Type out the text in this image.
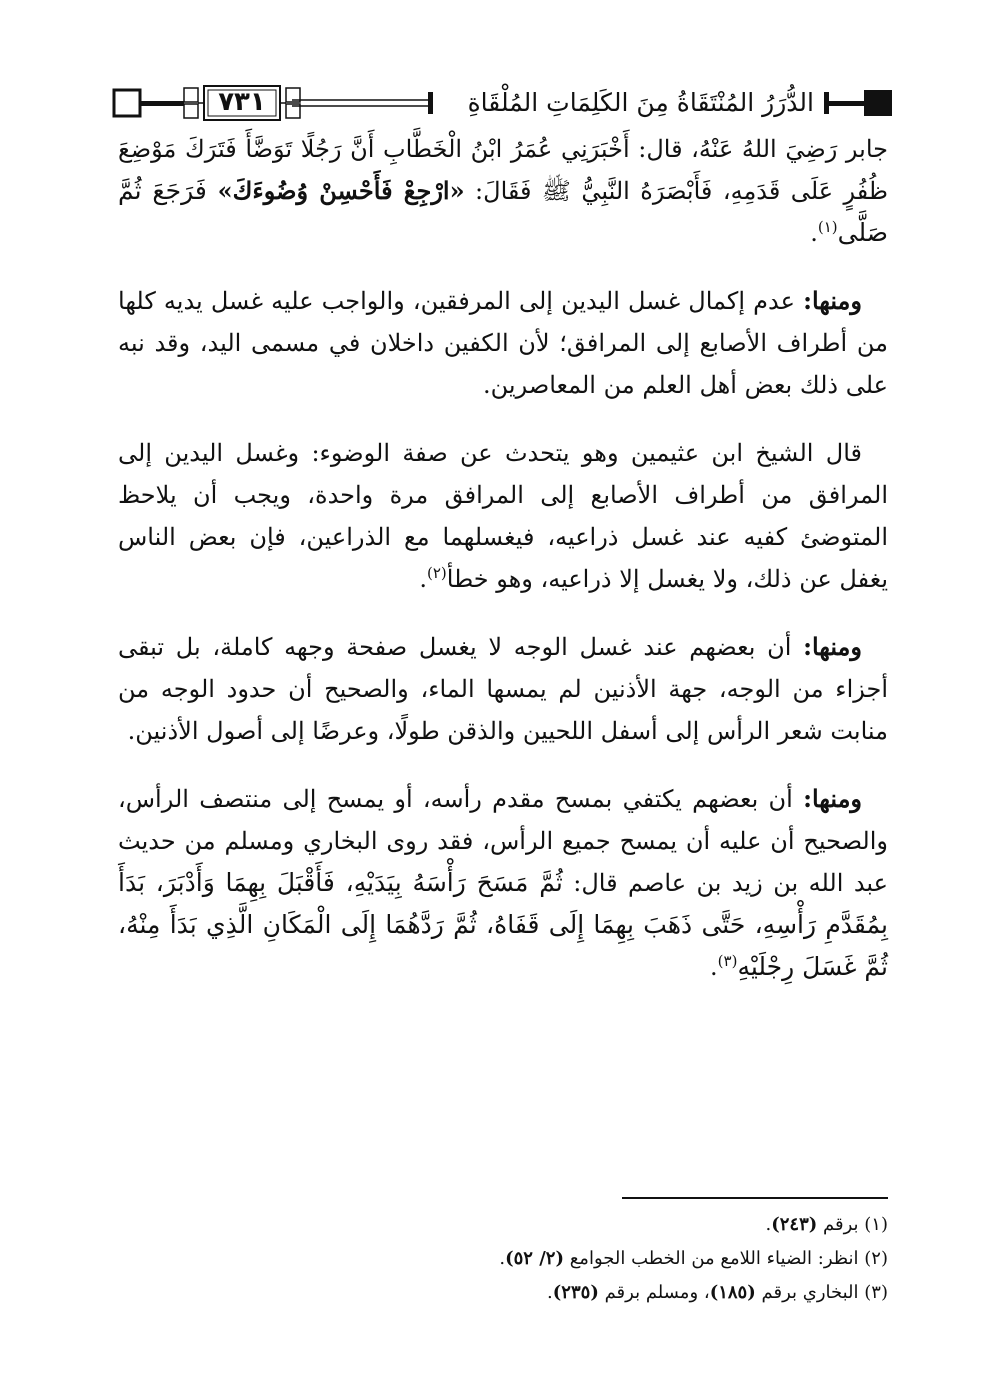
٧٣١	الدُّرَرُ المُنْتَقَاةُ مِنَ الكَلِمَاتِ المُلْقَاةِ

جابر رَضِيَ اللهُ عَنْهُ، قال: أَخْبَرَنِي عُمَرُ ابْنُ الْخَطَّابِ أَنَّ رَجُلًا تَوَضَّأَ فَتَرَكَ مَوْضِعَ ظُفُرٍ عَلَى قَدَمِهِ، فَأَبْصَرَهُ النَّبِيُّ ﷺ فَقَالَ: «ارْجِعْ فَأَحْسِنْ وُضُوءَكَ» فَرَجَعَ ثُمَّ صَلَّى$^{(١)}$.

ومنها: عدم إكمال غسل اليدين إلى المرفقين، والواجب عليه غسل يديه كلها من أطراف الأصابع إلى المرافق؛ لأن الكفين داخلان في مسمى اليد، وقد نبه على ذلك بعض أهل العلم من المعاصرين.

قال الشيخ ابن عثيمين وهو يتحدث عن صفة الوضوء: وغسل اليدين إلى المرافق من أطراف الأصابع إلى المرافق مرة واحدة، ويجب أن يلاحظ المتوضئ كفيه عند غسل ذراعيه، فيغسلهما مع الذراعين، فإن بعض الناس يغفل عن ذلك، ولا يغسل إلا ذراعيه، وهو خطأ$^{(٢)}$.

ومنها: أن بعضهم عند غسل الوجه لا يغسل صفحة وجهه كاملة، بل تبقى أجزاء من الوجه، جهة الأذنين لم يمسها الماء، والصحيح أن حدود الوجه من منابت شعر الرأس إلى أسفل اللحيين والذقن طولًا، وعرضًا إلى أصول الأذنين.

ومنها: أن بعضهم يكتفي بمسح مقدم رأسه، أو يمسح إلى منتصف الرأس، والصحيح أن عليه أن يمسح جميع الرأس، فقد روى البخاري ومسلم من حديث عبد الله بن زيد بن عاصم قال: ثُمَّ مَسَحَ رَأْسَهُ بِيَدَيْهِ، فَأَقْبَلَ بِهِمَا وَأَدْبَرَ، بَدَأَ بِمُقَدَّمِ رَأْسِهِ، حَتَّى ذَهَبَ بِهِمَا إِلَى قَفَاهُ، ثُمَّ رَدَّهُمَا إِلَى الْمَكَانِ الَّذِي بَدَأَ مِنْهُ، ثُمَّ غَسَلَ رِجْلَيْهِ$^{(٣)}$.

(١) برقم (٢٤٣).

(٢) انظر: الضياء اللامع من الخطب الجوامع (٢/ ٥٢).

(٣) البخاري برقم (١٨٥)، ومسلم برقم (٢٣٥).
